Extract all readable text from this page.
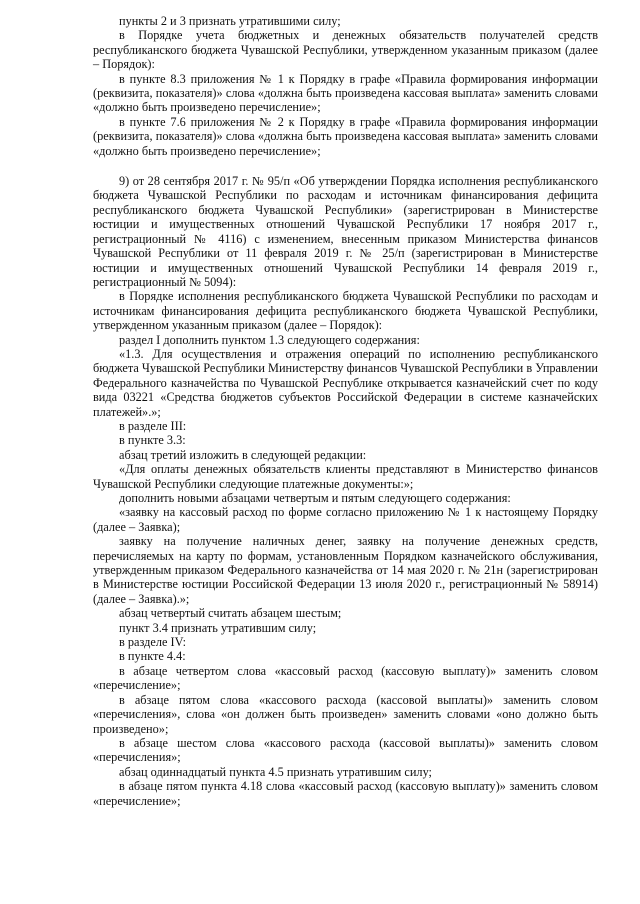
пункты 2 и 3 признать утратившими силу;

в Порядке учета бюджетных и денежных обязательств получателей средств республиканского бюджета Чувашской Республики, утвержденном указанным приказом (далее – Порядок):

в пункте 8.3 приложения № 1 к Порядку в графе «Правила формирования информации (реквизита, показателя)» слова «должна быть произведена кассовая выплата» заменить словами «должно быть произведено перечисление»;

в пункте 7.6 приложения № 2 к Порядку в графе «Правила формирования информации (реквизита, показателя)» слова «должна быть произведена кассовая выплата» заменить словами «должно быть произведено перечисление»;

9) от 28 сентября 2017 г. № 95/п «Об утверждении Порядка исполнения республиканского бюджета Чувашской Республики по расходам и источникам финансирования дефицита республиканского бюджета Чувашской Республики» (зарегистрирован в Министерстве юстиции и имущественных отношений Чувашской Республики 17 ноября 2017 г., регистрационный № 4116) с изменением, внесенным приказом Министерства финансов Чувашской Республики от 11 февраля 2019 г. № 25/п (зарегистрирован в Министерстве юстиции и имущественных отношений Чувашской Республики 14 февраля 2019 г., регистрационный № 5094):

в Порядке исполнения республиканского бюджета Чувашской Республики по расходам и источникам финансирования дефицита республиканского бюджета Чувашской Республики, утвержденном указанным приказом (далее – Порядок):

раздел I дополнить пунктом 1.3 следующего содержания:

«1.3. Для осуществления и отражения операций по исполнению республиканского бюджета Чувашской Республики Министерству финансов Чувашской Республики в Управлении Федерального казначейства по Чувашской Республике открывается казначейский счет по коду вида 03221 «Средства бюджетов субъектов Российской Федерации в системе казначейских платежей».»;

в разделе III:

в пункте 3.3:

абзац третий изложить в следующей редакции:

«Для оплаты денежных обязательств клиенты представляют в Министерство финансов Чувашской Республики следующие платежные документы:»;

дополнить новыми абзацами четвертым и пятым следующего содержания:

«заявку на кассовый расход по форме согласно приложению № 1 к настоящему Порядку (далее – Заявка);

заявку на получение наличных денег, заявку на получение денежных средств, перечисляемых на карту по формам, установленным Порядком казначейского обслуживания, утвержденным приказом Федерального казначейства от 14 мая 2020 г. № 21н (зарегистрирован в Министерстве юстиции Российской Федерации 13 июля 2020 г., регистрационный № 58914) (далее – Заявка).»;

абзац четвертый считать абзацем шестым;

пункт 3.4 признать утратившим силу;

в разделе IV:

в пункте 4.4:

в абзаце четвертом слова «кассовый расход (кассовую выплату)» заменить словом «перечисление»;

в абзаце пятом слова «кассового расхода (кассовой выплаты)» заменить словом «перечисления», слова «он должен быть произведен» заменить словами «оно должно быть произведено»;

в абзаце шестом слова «кассового расхода (кассовой выплаты)» заменить словом «перечисления»;

абзац одиннадцатый пункта 4.5 признать утратившим силу;

в абзаце пятом пункта 4.18 слова «кассовый расход (кассовую выплату)» заменить словом «перечисление»;
